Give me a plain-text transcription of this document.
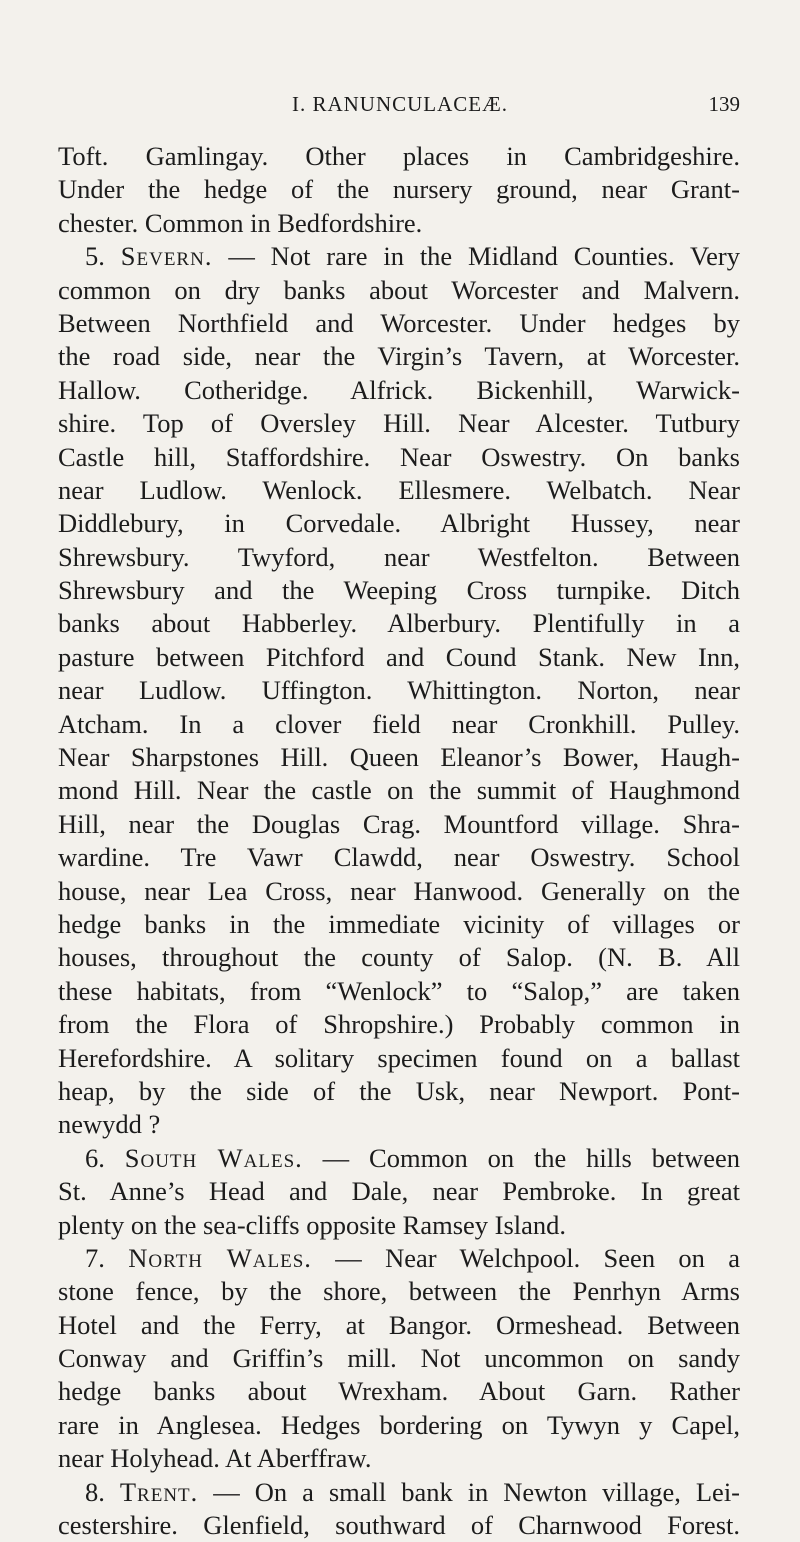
I. RANUNCULACEÆ.	139
Toft. Gamlingay. Other places in Cambridgeshire.
Under the hedge of the nursery ground, near Grant-
chester. Common in Bedfordshire.
5. Severn. — Not rare in the Midland Counties. Very
common on dry banks about Worcester and Malvern.
Between Northfield and Worcester. Under hedges by
the road side, near the Virgin’s Tavern, at Worcester.
Hallow. Cotheridge. Alfrick. Bickenhill, Warwick-
shire. Top of Oversley Hill. Near Alcester. Tutbury
Castle hill, Staffordshire. Near Oswestry. On banks
near Ludlow. Wenlock. Ellesmere. Welbatch. Near
Diddlebury, in Corvedale. Albright Hussey, near
Shrewsbury. Twyford, near Westfelton. Between
Shrewsbury and the Weeping Cross turnpike. Ditch
banks about Habberley. Alberbury. Plentifully in a
pasture between Pitchford and Cound Stank. New Inn,
near Ludlow. Uffington. Whittington. Norton, near
Atcham. In a clover field near Cronkhill. Pulley.
Near Sharpstones Hill. Queen Eleanor’s Bower, Haugh-
mond Hill. Near the castle on the summit of Haughmond
Hill, near the Douglas Crag. Mountford village. Shra-
wardine. Tre Vawr Clawdd, near Oswestry. School
house, near Lea Cross, near Hanwood. Generally on the
hedge banks in the immediate vicinity of villages or
houses, throughout the county of Salop. (N. B. All
these habitats, from “Wenlock” to “Salop,” are taken
from the Flora of Shropshire.) Probably common in
Herefordshire. A solitary specimen found on a ballast
heap, by the side of the Usk, near Newport. Pont-
newydd ?
6. South Wales. — Common on the hills between
St. Anne’s Head and Dale, near Pembroke. In great
plenty on the sea-cliffs opposite Ramsey Island.
7. North Wales. — Near Welchpool. Seen on a
stone fence, by the shore, between the Penrhyn Arms
Hotel and the Ferry, at Bangor. Ormeshead. Between
Conway and Griffin’s mill. Not uncommon on sandy
hedge banks about Wrexham. About Garn. Rather
rare in Anglesea. Hedges bordering on Tywyn y Capel,
near Holyhead. At Aberffraw.
8. Trent. — On a small bank in Newton village, Lei-
cestershire. Glenfield, southward of Charnwood Forest.
